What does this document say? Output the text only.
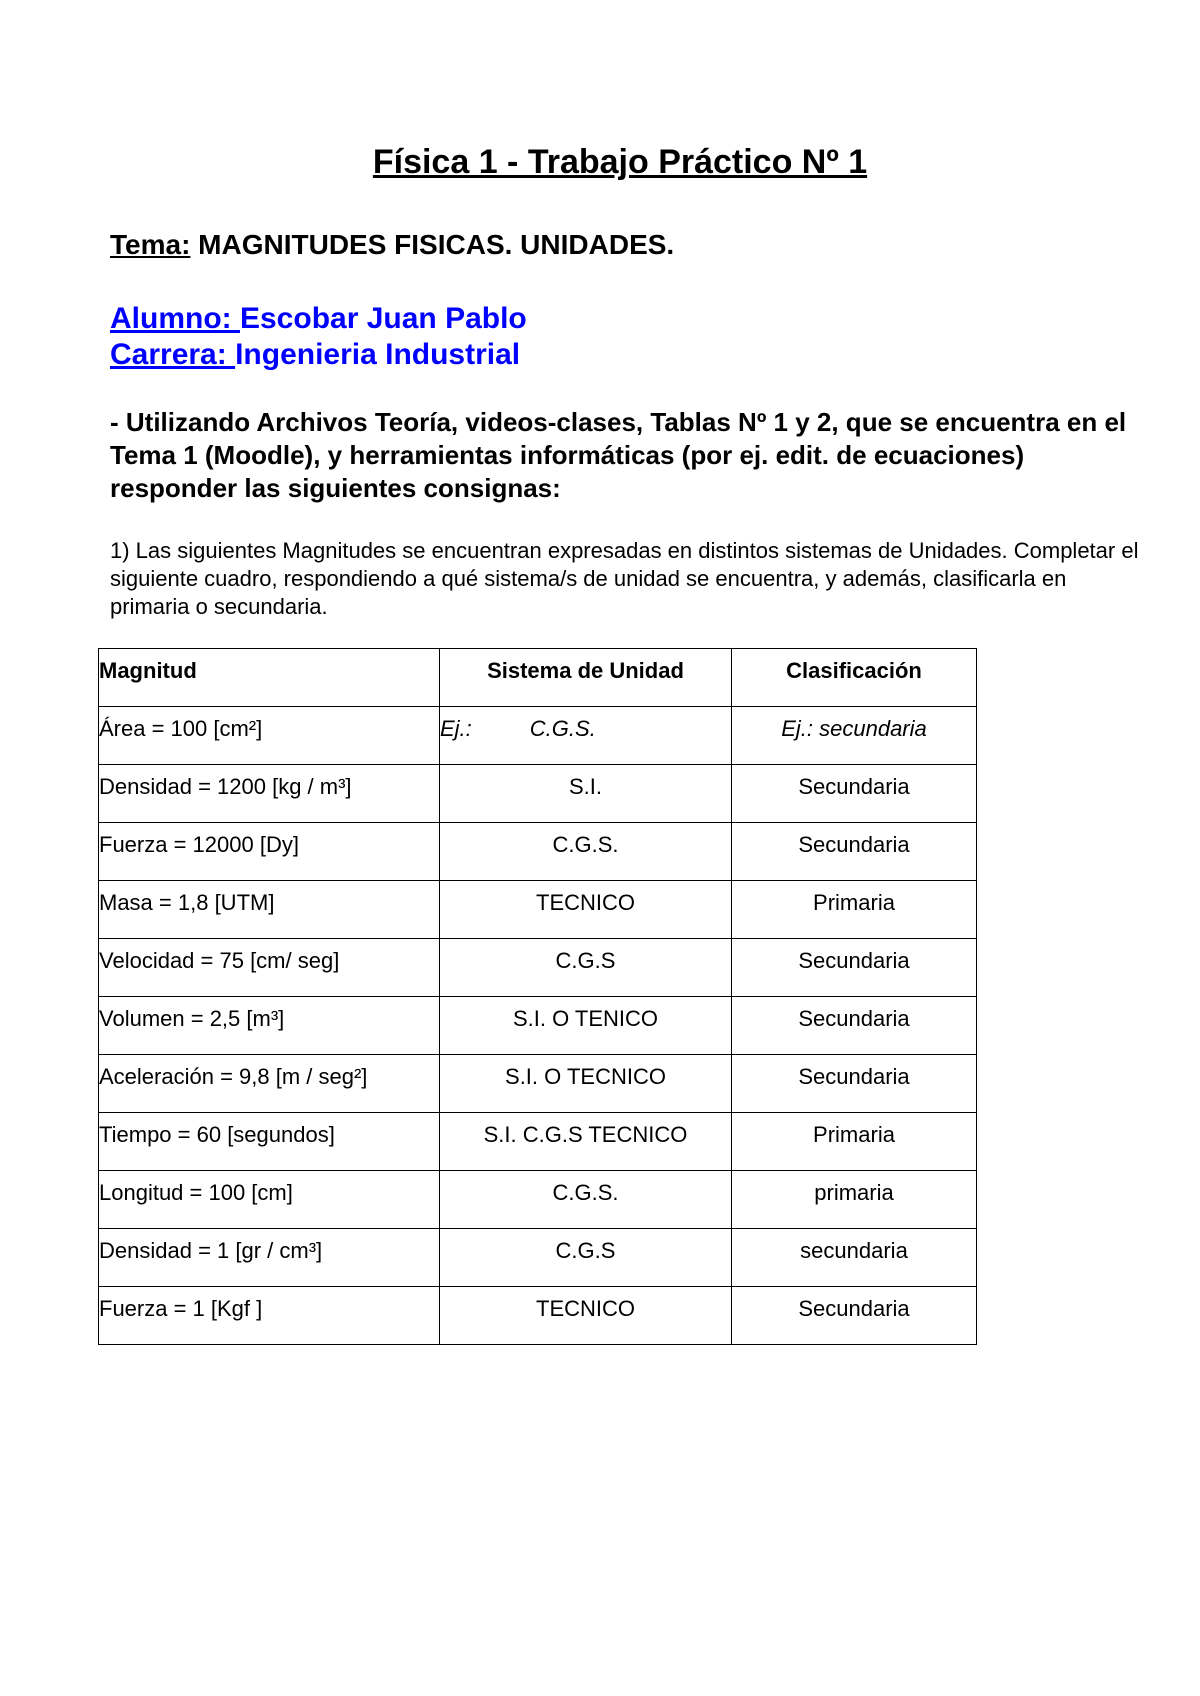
Física 1 - Trabajo Práctico Nº 1
Tema: MAGNITUDES FISICAS. UNIDADES.
Alumno: Escobar Juan Pablo
Carrera: Ingenieria Industrial
- Utilizando Archivos Teoría, videos-clases, Tablas Nº 1 y 2, que se encuentra en el Tema 1 (Moodle), y herramientas informáticas (por ej. edit. de ecuaciones) responder las siguientes consignas:
1) Las siguientes Magnitudes se encuentran expresadas en distintos sistemas de Unidades. Completar el siguiente cuadro, respondiendo a qué sistema/s de unidad se encuentra, y además, clasificarla en primaria o secundaria.
Magnitud	Sistema de Unidad	Clasificación
Área = 100 [cm²]	Ej.: C.G.S.	Ej.: secundaria
Densidad = 1200 [kg / m³]	S.I.	Secundaria
Fuerza = 12000 [Dy]	C.G.S.	Secundaria
Masa = 1,8 [UTM]	TECNICO	Primaria
Velocidad = 75 [cm/ seg]	C.G.S	Secundaria
Volumen = 2,5 [m³]	S.I. O TENICO	Secundaria
Aceleración = 9,8 [m / seg²]	S.I. O TECNICO	Secundaria
Tiempo = 60 [segundos]	S.I. C.G.S TECNICO	Primaria
Longitud = 100 [cm]	C.G.S.	primaria
Densidad = 1 [gr / cm³]	C.G.S	secundaria
Fuerza = 1 [Kgf ]	TECNICO	Secundaria
